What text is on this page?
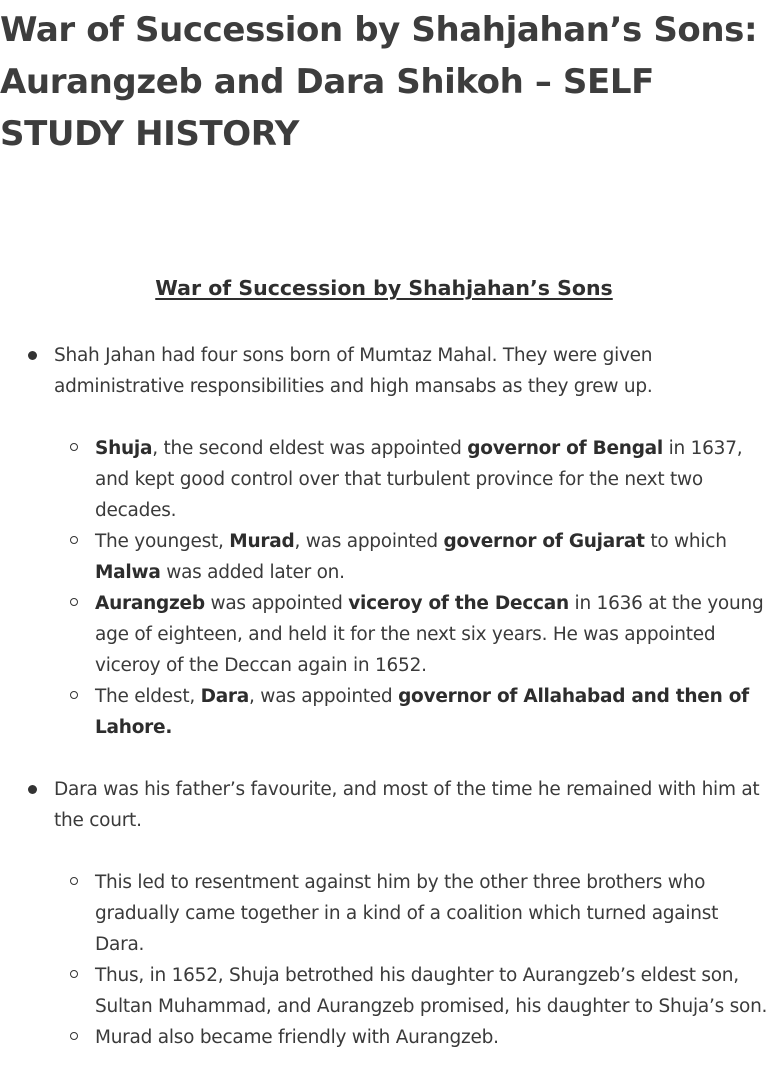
War of Succession by Shahjahan’s Sons: Aurangzeb and Dara Shikoh – SELF STUDY HISTORY
War of Succession by Shahjahan’s Sons
Shah Jahan had four sons born of Mumtaz Mahal. They were given administrative responsibilities and high mansabs as they grew up.
Shuja, the second eldest was appointed governor of Bengal in 1637, and kept good control over that turbulent province for the next two decades.
The youngest, Murad, was appointed governor of Gujarat to which Malwa was added later on.
Aurangzeb was appointed viceroy of the Deccan in 1636 at the young age of eighteen, and held it for the next six years. He was appointed viceroy of the Deccan again in 1652.
The eldest, Dara, was appointed governor of Allahabad and then of Lahore.
Dara was his father’s favourite, and most of the time he remained with him at the court.
This led to resentment against him by the other three brothers who gradually came together in a kind of a coalition which turned against Dara.
Thus, in 1652, Shuja betrothed his daughter to Aurangzeb’s eldest son, Sultan Muhammad, and Aurangzeb promised, his daughter to Shuja’s son.
Murad also became friendly with Aurangzeb.
